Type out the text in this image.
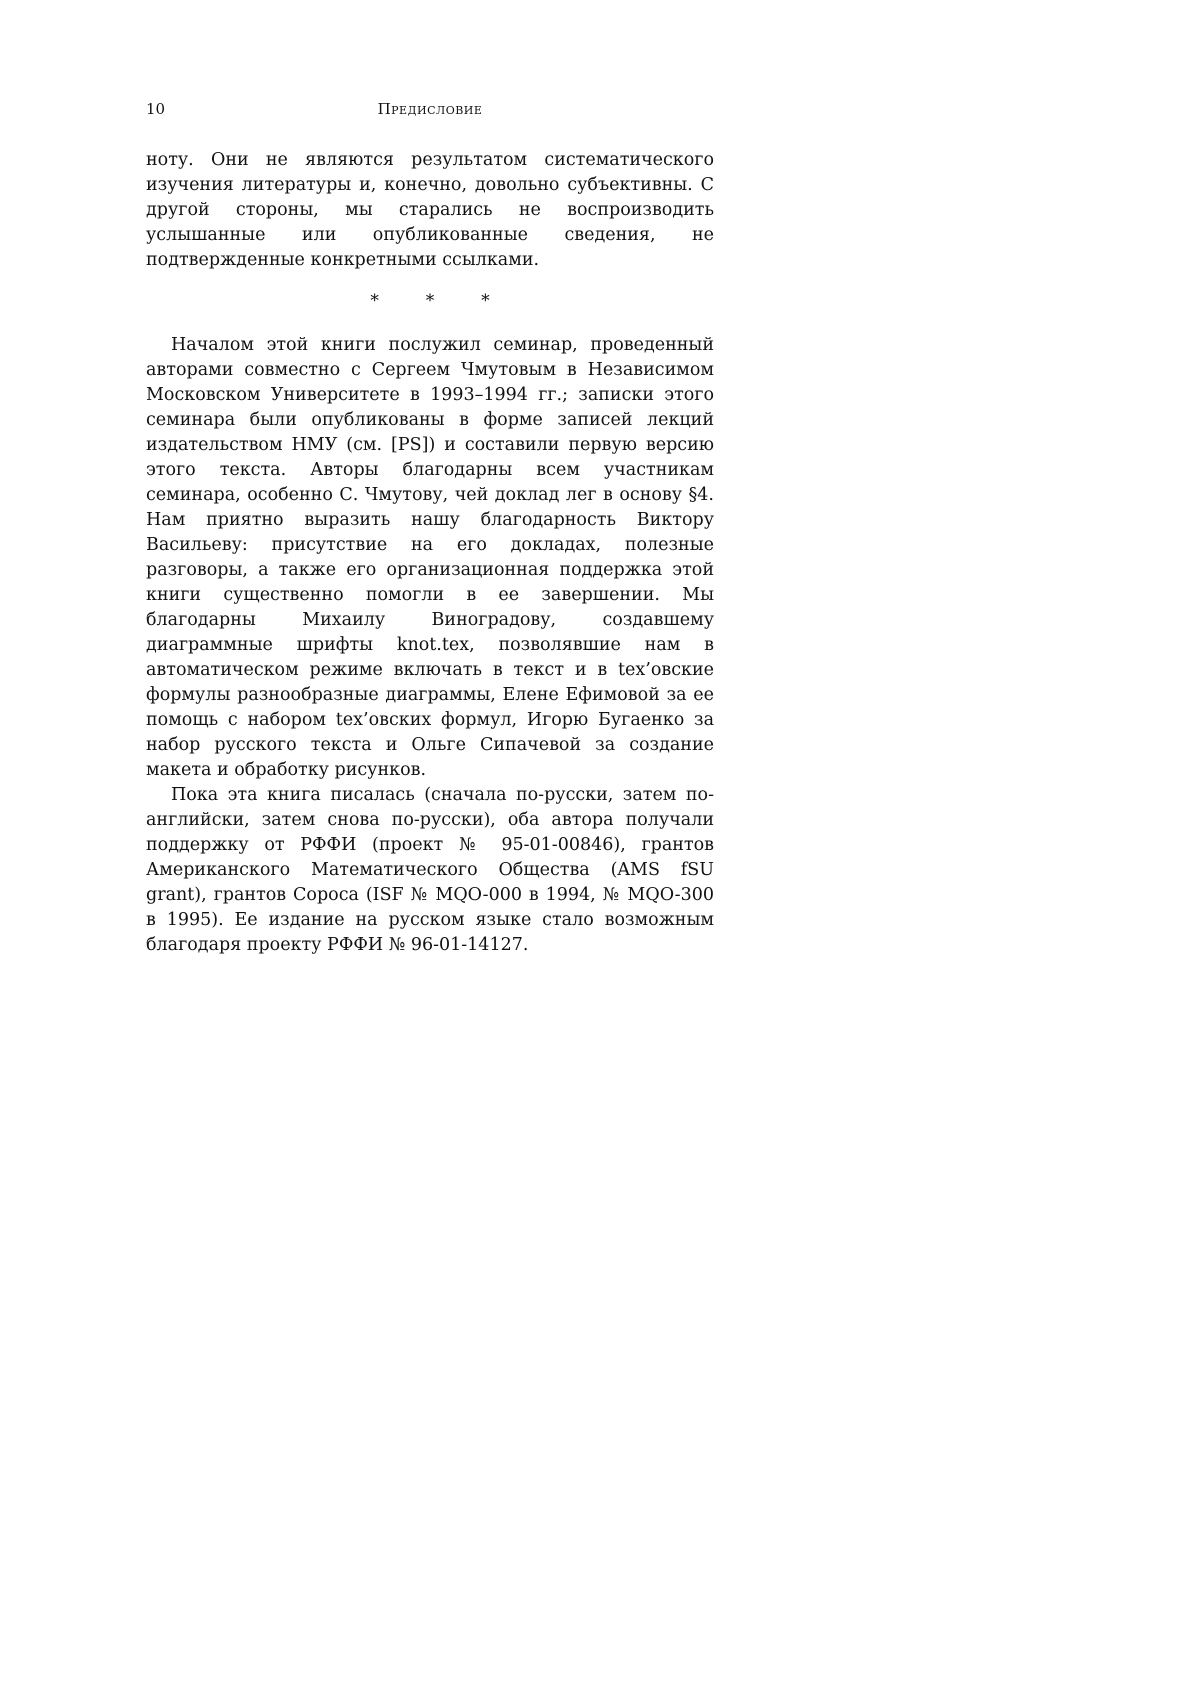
10	Предисловие

ноту. Они не являются результатом систематического изучения литературы и, конечно, довольно субъективны. С другой стороны, мы старались не воспроизводить услышанные или опубликованные сведения, не подтвержденные конкретными ссылками.

*	*	*

Началом этой книги послужил семинар, проведенный авторами совместно с Сергеем Чмутовым в Независимом Московском Университете в 1993–1994 гг.; записки этого семинара были опубликованы в форме записей лекций издательством НМУ (см. [PS]) и составили первую версию этого текста. Авторы благодарны всем участникам семинара, особенно С. Чмутову, чей доклад лег в основу §4. Нам приятно выразить нашу благодарность Виктору Васильеву: присутствие на его докладах, полезные разговоры, а также его организационная поддержка этой книги существенно помогли в ее завершении. Мы благодарны Михаилу Виноградову, создавшему диаграммные шрифты knot.tex, позволявшие нам в автоматическом режиме включать в текст и в tex’овские формулы разнообразные диаграммы, Елене Ефимовой за ее помощь с набором tex’овских формул, Игорю Бугаенко за набор русского текста и Ольге Сипачевой за создание макета и обработку рисунков.

Пока эта книга писалась (сначала по-русски, затем по-английски, затем снова по-русски), оба автора получали поддержку от РФФИ (проект № 95-01-00846), грантов Американского Математического Общества (AMS fSU grant), грантов Сороса (ISF № MQO-000 в 1994, № MQO-300 в 1995). Ее издание на русском языке стало возможным благодаря проекту РФФИ № 96-01-14127.
